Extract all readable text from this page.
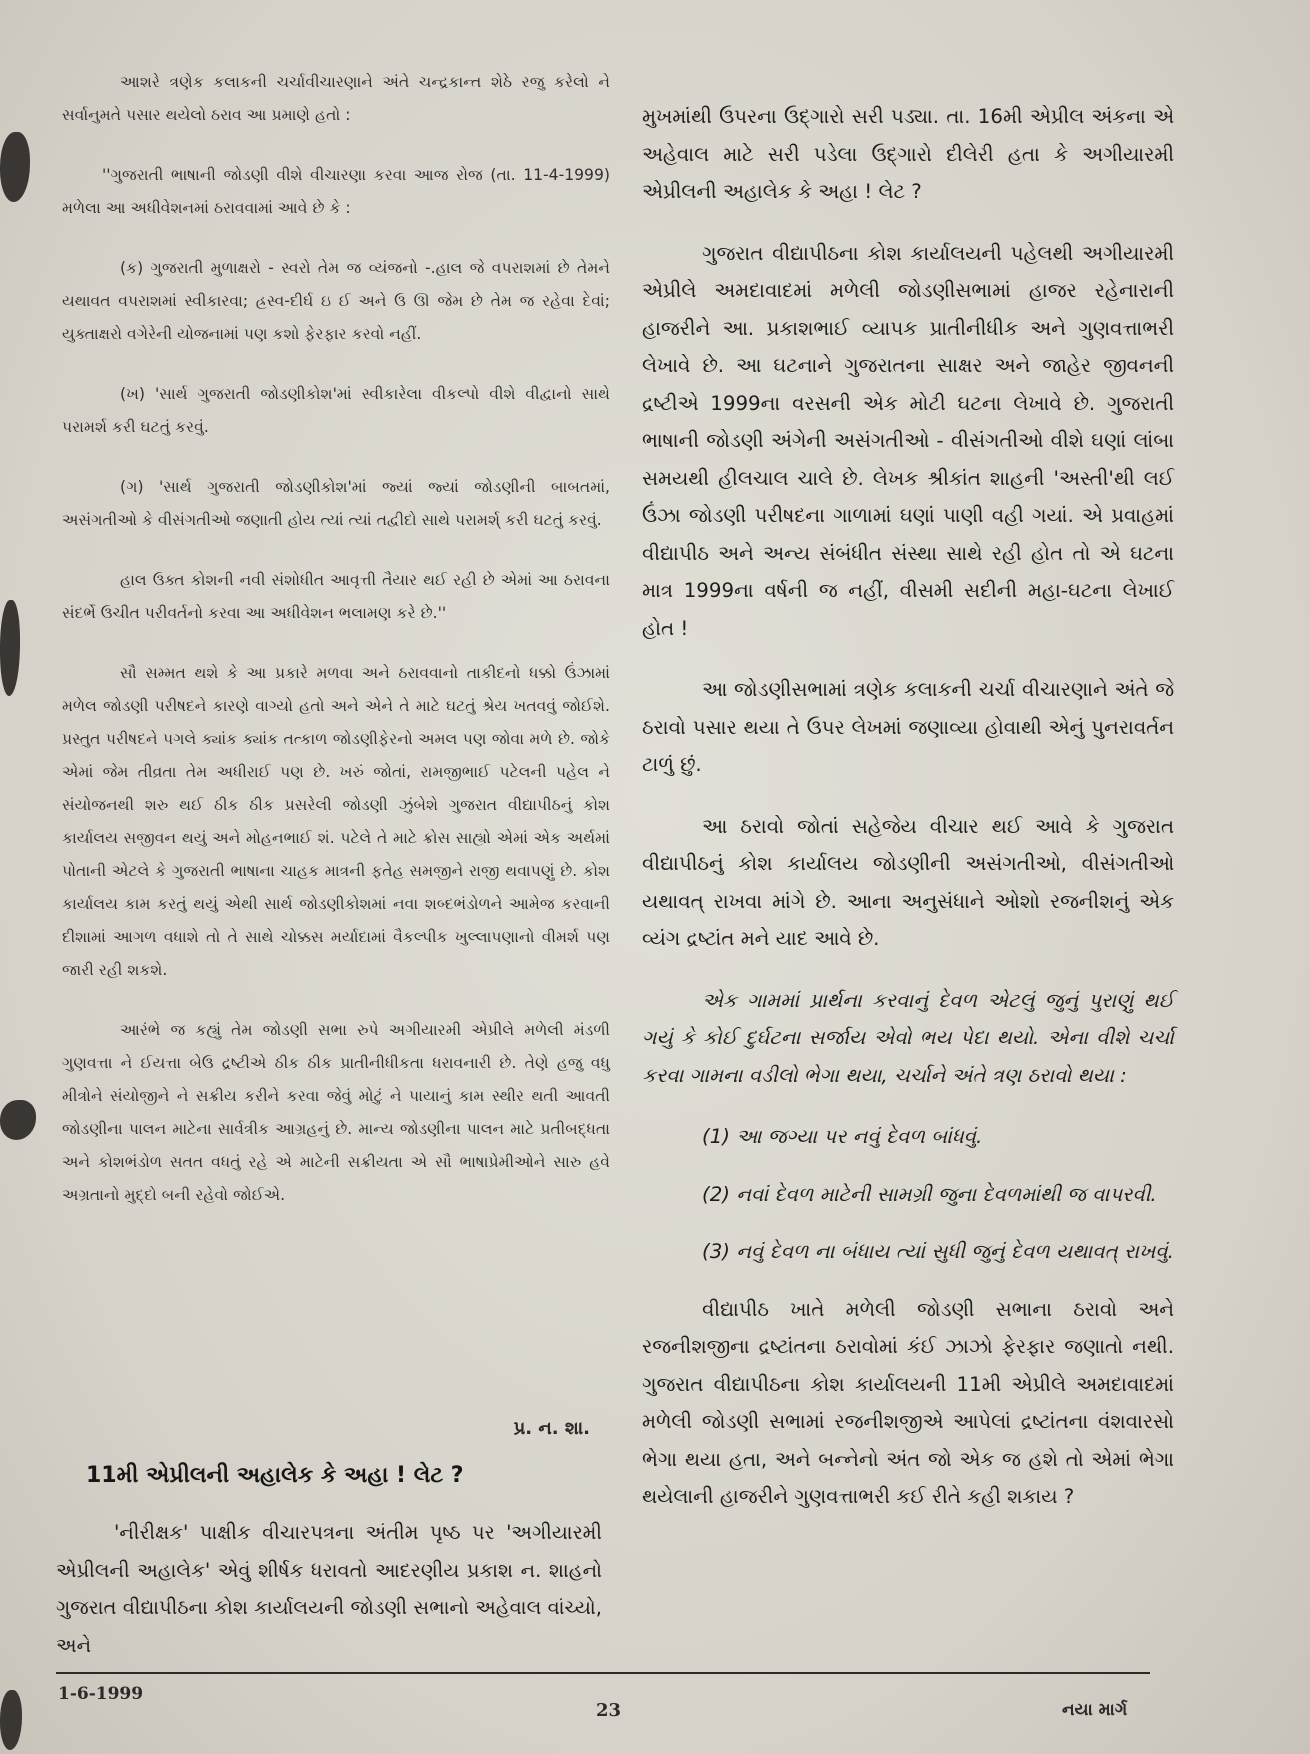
આશરે ત્રણેક કલાકની ચર્ચાવીચારણાને અંતે ચન્દ્રકાન્ત શેઠે રજુ કરેલો ને સર્વાનુમતે પસાર થયેલો ઠરાવ આ પ્રમાણે હતો :

''ગુજરાતી ભાષાની જોડણી વીશે વીચારણા કરવા આજ રોજ (તા. 11-4-1999) મળેલા આ અધીવેશનમાં ઠરાવવામાં આવે છે કે :

(ક) ગુજરાતી મુળાક્ષરો - સ્વરો તેમ જ વ્યંજનો -.હાલ જે વપરાશમાં છે તેમને યથાવત વપરાશમાં સ્વીકારવા; હ્રસ્વ-દીર્ઘ ઇ ઈ અને ઉ ઊ જેમ છે તેમ જ રહેવા દેવાં; યુક્તાક્ષરો વગેરેની યોજનામાં પણ કશો ફેરફાર કરવો નહીં.

(ખ) 'સાર્થ ગુજરાતી જોડણીકોશ'માં સ્વીકારેલા વીકલ્પો વીશે વીદ્વાનો સાથે પરામર્શ કરી ઘટતું કરવું.

(ગ) 'સાર્થ ગુજરાતી જોડણીકોશ'માં જ્યાં જ્યાં જોડણીની બાબતમાં, અસંગતીઓ કે વીસંગતીઓ જણાતી હોય ત્યાં ત્યાં તદ્વીદો સાથે પરામર્શ્ કરી ઘટતું કરવું.

હાલ ઉક્ત કોશની નવી સંશોધીત આવૃત્તી તૈયાર થઈ રહી છે એમાં આ ઠરાવના સંદર્ભે ઉચીત પરીવર્તનો કરવા આ અધીવેશન ભલામણ કરે છે.''

સૌ સમ્મત થશે કે આ પ્રકારે મળવા અને ઠરાવવાનો તાકીદનો ધક્કો ઉંઝામાં મળેલ જોડણી પરીષદને કારણે વાગ્યો હતો અને એને તે માટે ઘટતું શ્રેય ખતવવું જોઈશે. પ્રસ્તુત પરીષદને પગલે ક્યાંક ક્યાંક તત્કાળ જોડણીફેરનો અમલ પણ જોવા મળે છે. જોકે એમાં જેમ તીવ્રતા તેમ અધીરાઈ પણ છે. ખરું જોતાં, રામજીભાઈ પટેલની પહેલ ને સંયોજનથી શરુ થઈ ઠીક ઠીક પ્રસરેલી જોડણી ઝુંબેશે ગુજરાત વીદ્યાપીઠનું કોશ કાર્યાલય સજીવન થયું અને મોહનભાઈ શં. પટેલે તે માટે ક્રોસ સાહ્યો એમાં એક અર્થમાં પોતાની એટલે કે ગુજરાતી ભાષાના ચાહક માત્રની ફતેહ સમજીને રાજી થવાપણું છે. કોશ કાર્યાલય કામ કરતું થયું એથી સાર્થ જોડણીકોશમાં નવા શબ્દભંડોળને આમેજ કરવાની દીશામાં આગળ વધાશે તો તે સાથે ચોક્કસ મર્યાદામાં વૈકલ્પીક ખુલ્લાપણાનો વીમર્શ પણ જારી રહી શકશે.

આરંભે જ કહ્યું તેમ જોડણી સભા રુપે અગીયારમી એપ્રીલે મળેલી મંડળી ગુણવત્તા ને ઈયત્તા બેઉ દ્રષ્ટીએ ઠીક ઠીક પ્રાતીનીધીકતા ધરાવનારી છે. તેણે હજુ વધુ મીત્રોને સંયોજીને ને સક્રીય કરીને કરવા જેવું મોટું ને પાયાનું કામ સ્થીર થતી આવતી જોડણીના પાલન માટેના સાર્વત્રીક આગ્રહનું છે. માન્ય જોડણીના પાલન માટે પ્રતીબદ્ધતા અને કોશભંડોળ સતત વધતું રહે એ માટેની સક્રીયતા એ સૌ ભાષાપ્રેમીઓને સારુ હવે અગ્રતાનો મુદ્દો બની રહેવો જોઈએ.

પ્ર. ન. શા.
11મી એપ્રીલની અહાલેક કે અહા ! લેટ ?

'નીરીક્ષક' પાક્ષીક વીચારપત્રના અંતીમ પૃષ્ઠ પર 'અગીયારમી એપ્રીલની અહાલેક' એવું શીર્ષક ધરાવતો આદરણીય પ્રકાશ ન. શાહનો ગુજરાત વીદ્યાપીઠના કોશ કાર્યાલયની જોડણી સભાનો અહેવાલ વાંચ્યો, અને

મુખમાંથી ઉપરના ઉદ્ગારો સરી પડ્યા. તા. 16મી એપ્રીલ અંકના એ અહેવાલ માટે સરી પડેલા ઉદ્ગારો દીલેરી હતા કે અગીયારમી એપ્રીલની અહાલેક કે અહા ! લેટ ?

ગુજરાત વીદ્યાપીઠના કોશ કાર્યાલયની પહેલથી અગીયારમી એપ્રીલે અમદાવાદમાં મળેલી જોડણીસભામાં હાજર રહેનારાની હાજરીને આ. પ્રકાશભાઈ વ્યાપક પ્રાતીનીધીક અને ગુણવત્તાભરી લેખાવે છે. આ ઘટનાને ગુજરાતના સાક્ષર અને જાહેર જીવનની દ્રષ્ટીએ 1999ના વરસની એક મોટી ઘટના લેખાવે છે. ગુજરાતી ભાષાની જોડણી અંગેની અસંગતીઓ - વીસંગતીઓ વીશે ઘણાં લાંબા સમયથી હીલચાલ ચાલે છે. લેખક શ્રીકાંત શાહની 'અસ્તી'થી લઈ ઉંઝા જોડણી પરીષદના ગાળામાં ઘણાં પાણી વહી ગયાં. એ પ્રવાહમાં વીદ્યાપીઠ અને અન્ય સંબંધીત સંસ્થા સાથે રહી હોત તો એ ઘટના માત્ર 1999ના વર્ષની જ નહીં, વીસમી સદીની મહા-ઘટના લેખાઈ હોત !

આ જોડણીસભામાં ત્રણેક કલાકની ચર્ચા વીચારણાને અંતે જે ઠરાવો પસાર થયા તે ઉપર લેખમાં જણાવ્યા હોવાથી એનું પુનરાવર્તન ટાળું છું.

આ ઠરાવો જોતાં સહેજેય વીચાર થઈ આવે કે ગુજરાત વીદ્યાપીઠનું કોશ કાર્યાલય જોડણીની અસંગતીઓ, વીસંગતીઓ યથાવત્ રાખવા માંગે છે. આના અનુસંધાને ઓશો રજનીશનું એક વ્યંગ દ્રષ્ટાંત મને યાદ આવે છે.

એક ગામમાં પ્રાર્થના કરવાનું દેવળ એટલું જુનું પુરાણું થઈ ગયું કે કોઈ દુર્ઘટના સર્જાય એવો ભય પેદા થયો. એના વીશે ચર્ચા કરવા ગામના વડીલો ભેગા થયા, ચર્ચાને અંતે ત્રણ ઠરાવો થયા :

(1) આ જગ્યા પર નવું દેવળ બાંધવું.

(2) નવાં દેવળ માટેની સામગ્રી જુના દેવળમાંથી જ વાપરવી.

(3) નવું દેવળ ના બંધાય ત્યાં સુધી જુનું દેવળ યથાવત્ રાખવું.

વીદ્યાપીઠ ખાતે મળેલી જોડણી સભાના ઠરાવો અને રજનીશજીના દ્રષ્ટાંતના ઠરાવોમાં કંઈ ઝાઝો ફેરફાર જણાતો નથી. ગુજરાત વીદ્યાપીઠના કોશ કાર્યાલયની 11મી એપ્રીલે અમદાવાદમાં મળેલી જોડણી સભામાં રજનીશજીએ આપેલાં દ્રષ્ટાંતના વંશવારસો ભેગા થયા હતા, અને બન્નેનો અંત જો એક જ હશે તો એમાં ભેગા થયેલાની હાજરીને ગુણવત્તાભરી કઈ રીતે કહી શકાય ?

1-6-1999
23	નયા માર્ગ
